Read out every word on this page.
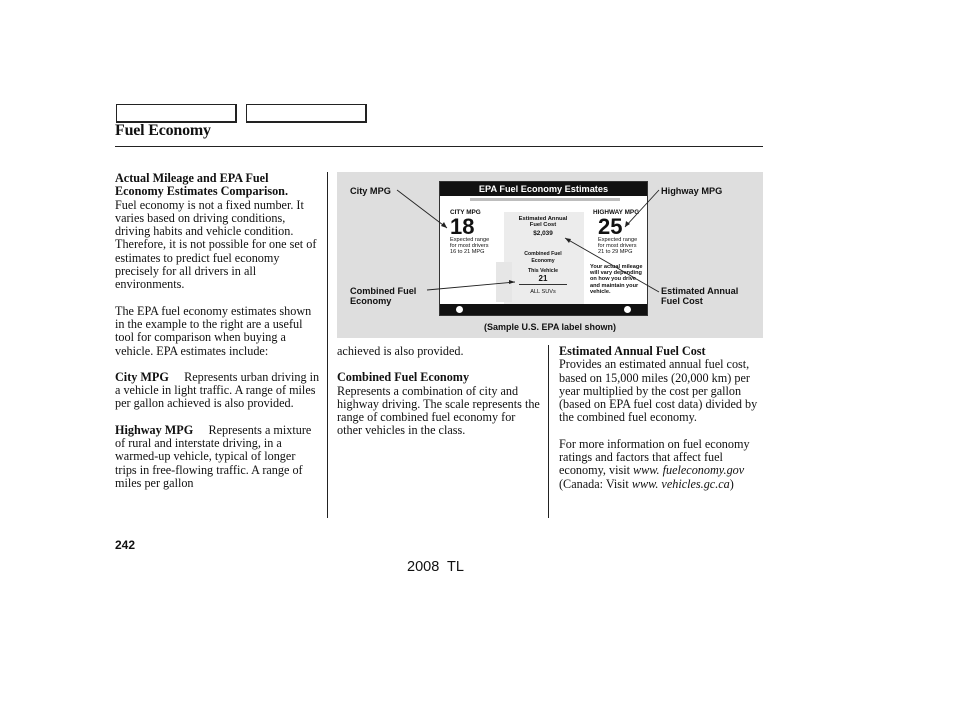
Fuel Economy

Actual Mileage and EPA Fuel Economy Estimates Comparison.

Fuel economy is not a fixed number. It varies based on driving conditions, driving habits and vehicle condition. Therefore, it is not possible for one set of estimates to predict fuel economy precisely for all drivers in all environments.

The EPA fuel economy estimates shown in the example to the right are a useful tool for comparison when buying a vehicle. EPA estimates include:

City MPG Represents urban driving in a vehicle in light traffic. A range of miles per gallon achieved is also provided.

Highway MPG Represents a mixture of rural and interstate driving, in a warmed-up vehicle, typical of longer trips in free-flowing traffic. A range of miles per gallon

City MPG	Highway MPG
Combined Fuel Economy
Estimated Annual Fuel Cost
(Sample U.S. EPA label shown)
EPA Fuel Economy Estimates
CITY MPG
18
Expected range for most drivers 16 to 21 MPG
HIGHWAY MPG
25
Expected range for most drivers 21 to 29 MPG
Estimated Annual Fuel Cost
$2,039
Combined Fuel Economy
This Vehicle
21
ALL SUVs
Your actual mileage will vary depending on how you drive and maintain your vehicle.

achieved is also provided.

Combined Fuel Economy

Represents a combination of city and highway driving. The scale represents the range of combined fuel economy for other vehicles in the class.

Estimated Annual Fuel Cost

Provides an estimated annual fuel cost, based on 15,000 miles (20,000 km) per year multiplied by the cost per gallon (based on EPA fuel cost data) divided by the combined fuel economy.

For more information on fuel economy ratings and factors that affect fuel economy, visit www. fueleconomy.gov (Canada: Visit www. vehicles.gc.ca)

242
2008  TL
